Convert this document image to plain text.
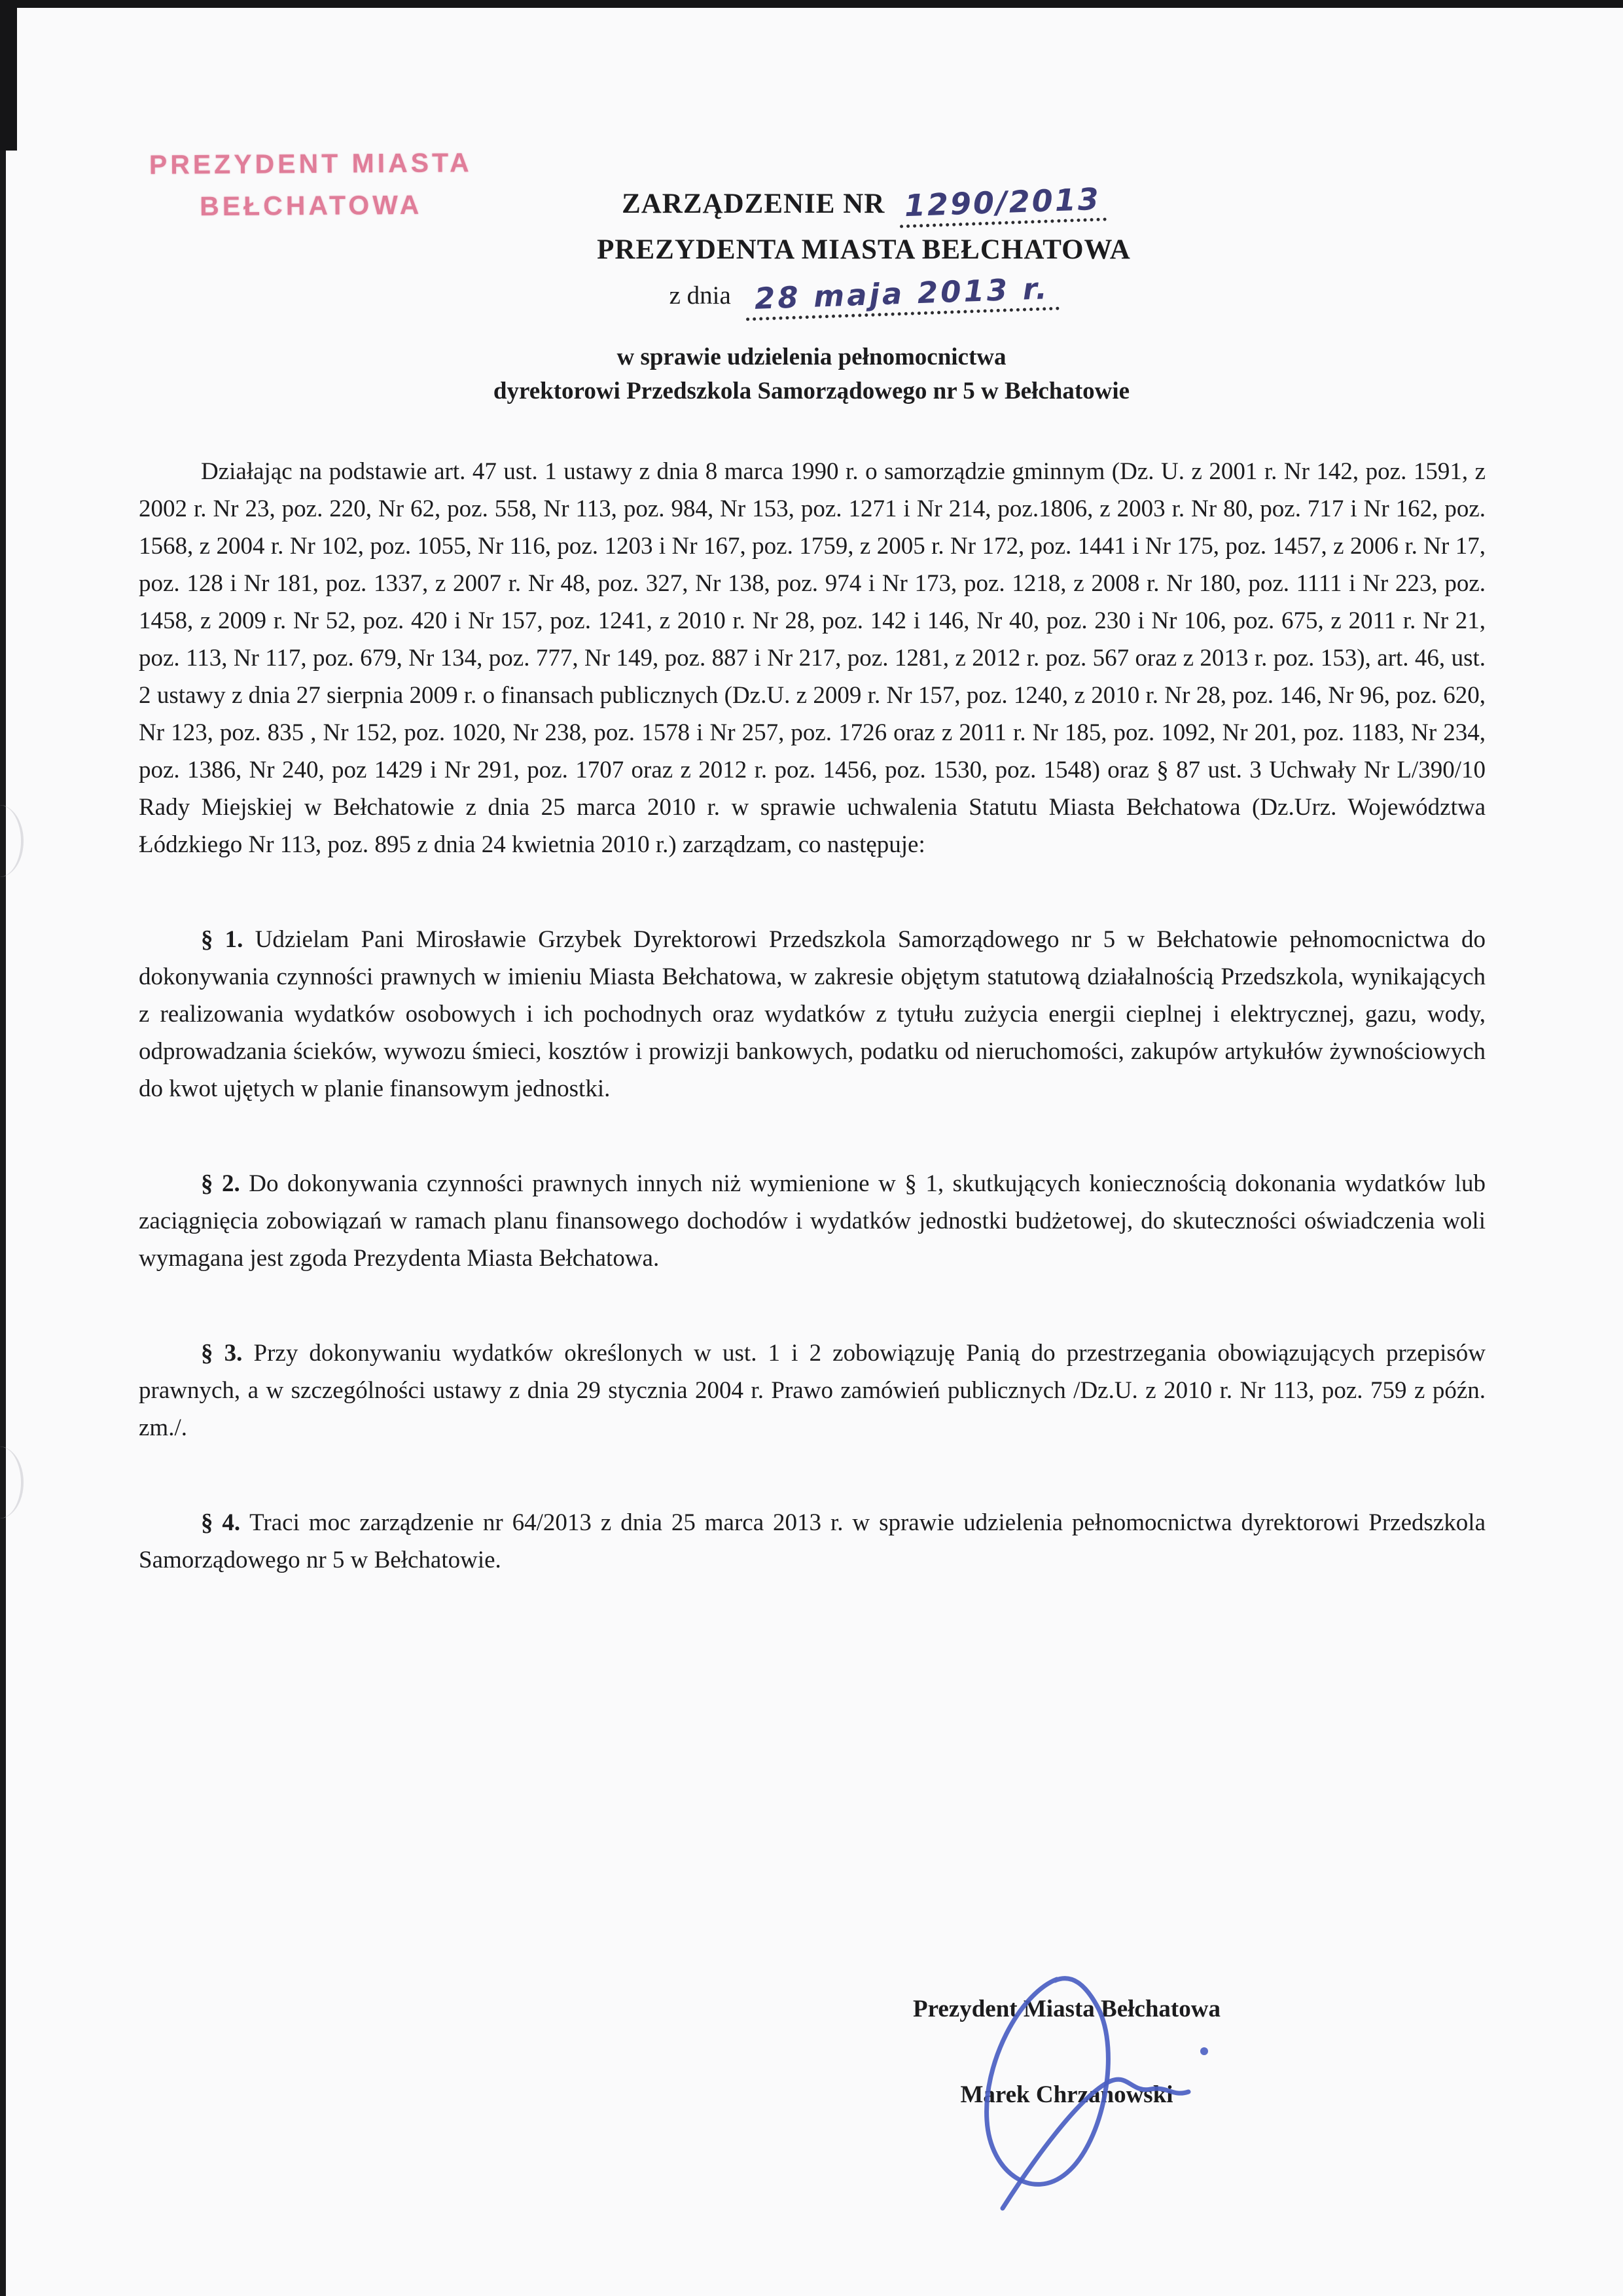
PREZYDENT MIASTA
BEŁCHATOWA	ZARZĄDZENIE NR 1290/2013
PREZYDENTA MIASTA BEŁCHATOWA
z dnia 28 maja 2013 r.
w sprawie udzielenia pełnomocnictwa
dyrektorowi Przedszkola Samorządowego nr 5 w Bełchatowie

Działając na podstawie art. 47 ust. 1 ustawy z dnia 8 marca 1990 r. o samorządzie gminnym (Dz. U. z 2001 r. Nr 142, poz. 1591, z 2002 r. Nr 23, poz. 220, Nr 62, poz. 558, Nr 113, poz. 984, Nr 153, poz. 1271 i Nr 214, poz.1806, z 2003 r. Nr 80, poz. 717 i Nr 162, poz. 1568, z 2004 r. Nr 102, poz. 1055, Nr 116, poz. 1203 i Nr 167, poz. 1759, z 2005 r. Nr 172, poz. 1441 i Nr 175, poz. 1457, z 2006 r. Nr 17, poz. 128 i Nr 181, poz. 1337, z 2007 r. Nr 48, poz. 327, Nr 138, poz. 974 i Nr 173, poz. 1218, z 2008 r. Nr 180, poz. 1111 i Nr 223, poz. 1458, z 2009 r. Nr 52, poz. 420 i Nr 157, poz. 1241, z 2010 r. Nr 28, poz. 142 i 146, Nr 40, poz. 230 i Nr 106, poz. 675, z 2011 r. Nr 21, poz. 113, Nr 117, poz. 679, Nr 134, poz. 777, Nr 149, poz. 887 i Nr 217, poz. 1281, z 2012 r. poz. 567 oraz z 2013 r. poz. 153), art. 46, ust. 2 ustawy z dnia 27 sierpnia 2009 r. o finansach publicznych (Dz.U. z 2009 r. Nr 157, poz. 1240, z 2010 r. Nr 28, poz. 146, Nr 96, poz. 620, Nr 123, poz. 835 , Nr 152, poz. 1020, Nr 238, poz. 1578 i Nr 257, poz. 1726 oraz z 2011 r. Nr 185, poz. 1092, Nr 201, poz. 1183, Nr 234, poz. 1386, Nr 240, poz 1429 i Nr 291, poz. 1707 oraz z 2012 r. poz. 1456, poz. 1530, poz. 1548) oraz § 87 ust. 3 Uchwały Nr L/390/10 Rady Miejskiej w Bełchatowie z dnia 25 marca 2010 r. w sprawie uchwalenia Statutu Miasta Bełchatowa (Dz.Urz. Województwa Łódzkiego Nr 113, poz. 895 z dnia 24 kwietnia 2010 r.) zarządzam, co następuje:

§ 1. Udzielam Pani Mirosławie Grzybek Dyrektorowi Przedszkola Samorządowego nr 5 w Bełchatowie pełnomocnictwa do dokonywania czynności prawnych w imieniu Miasta Bełchatowa, w zakresie objętym statutową działalnością Przedszkola, wynikających z realizowania wydatków osobowych i ich pochodnych oraz wydatków z tytułu zużycia energii cieplnej i elektrycznej, gazu, wody, odprowadzania ścieków, wywozu śmieci, kosztów i prowizji bankowych, podatku od nieruchomości, zakupów artykułów żywnościowych do kwot ujętych w planie finansowym jednostki.

§ 2. Do dokonywania czynności prawnych innych niż wymienione w § 1, skutkujących koniecznością dokonania wydatków lub zaciągnięcia zobowiązań w ramach planu finansowego dochodów i wydatków jednostki budżetowej, do skuteczności oświadczenia woli wymagana jest zgoda Prezydenta Miasta Bełchatowa.

§ 3. Przy dokonywaniu wydatków określonych w ust. 1 i 2 zobowiązuję Panią do przestrzegania obowiązujących przepisów prawnych, a w szczególności ustawy z dnia 29 stycznia 2004 r. Prawo zamówień publicznych /Dz.U. z 2010 r. Nr 113, poz. 759 z późn. zm./.

§ 4. Traci moc zarządzenie nr 64/2013 z dnia 25 marca 2013 r. w sprawie udzielenia pełnomocnictwa dyrektorowi Przedszkola Samorządowego nr 5 w Bełchatowie.

Prezydent Miasta Bełchatowa
Marek Chrzanowski
